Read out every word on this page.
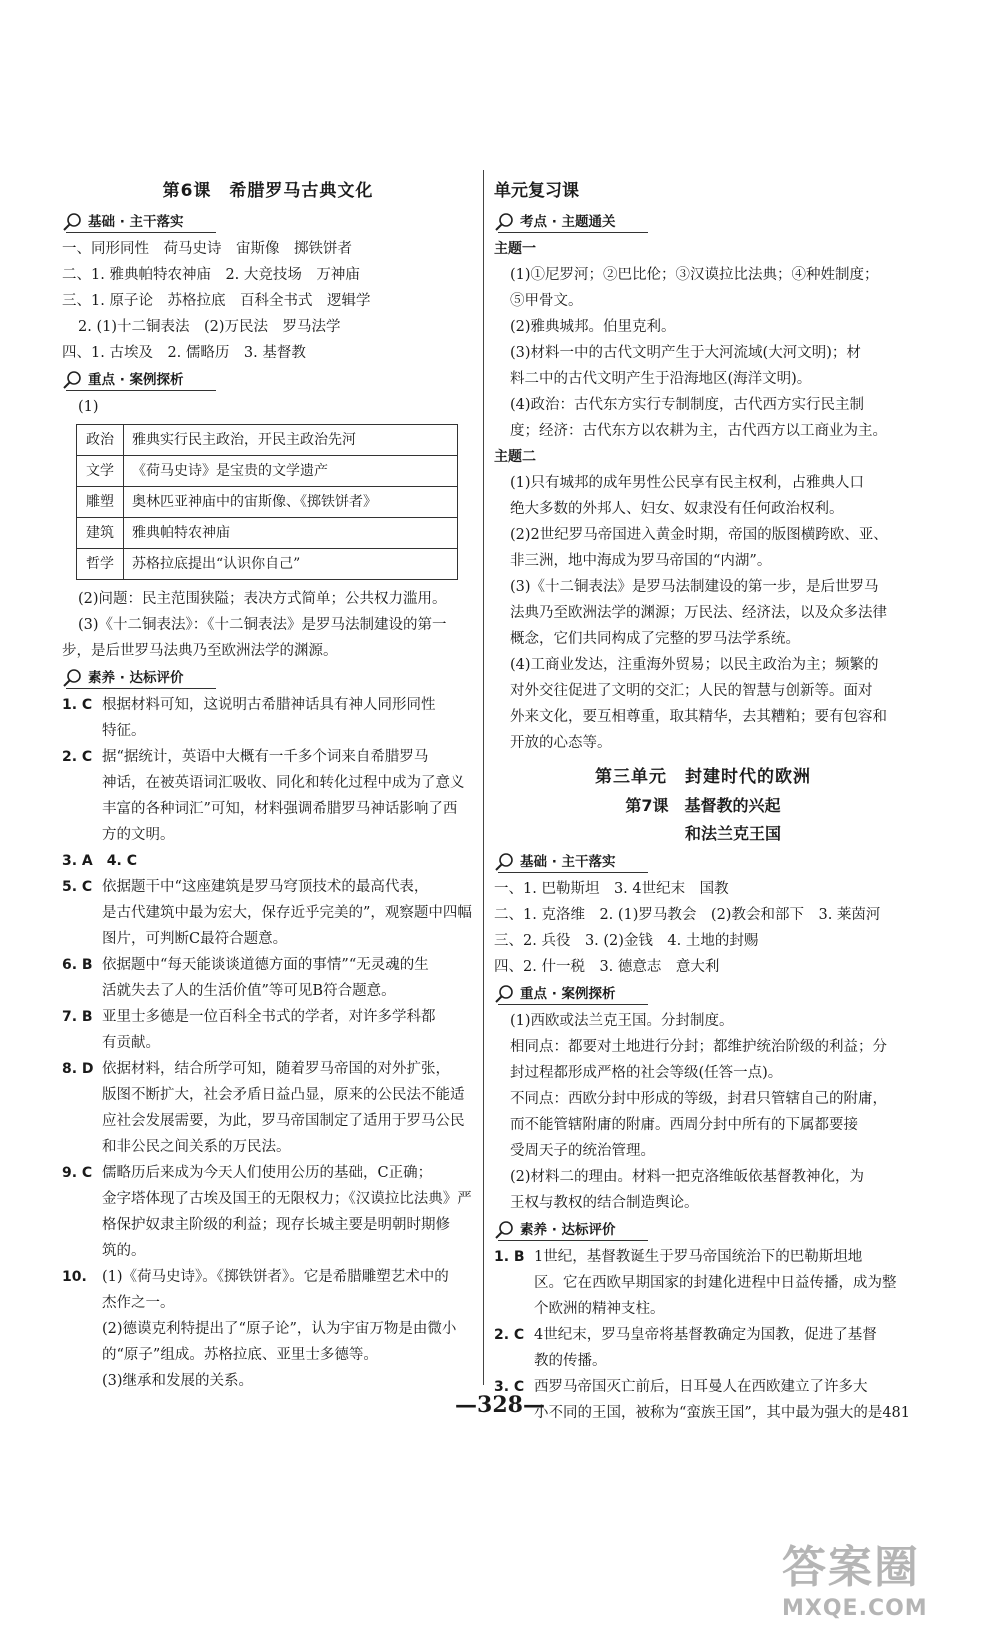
第6课　希腊罗马古典文化
基础 · 主干落实
一、同形同性　荷马史诗　宙斯像　掷铁饼者
二、1. 雅典帕特农神庙　2. 大竞技场　万神庙
三、1. 原子论　苏格拉底　百科全书式　逻辑学
2. (1)十二铜表法　(2)万民法　罗马法学
四、1. 古埃及　2. 儒略历　3. 基督教
重点 · 案例探析
(1)
政治	雅典实行民主政治，开民主政治先河
文学	《荷马史诗》是宝贵的文学遗产
雕塑	奥林匹亚神庙中的宙斯像、《掷铁饼者》
建筑	雅典帕特农神庙
哲学	苏格拉底提出“认识你自己”
(2)问题：民主范围狭隘；表决方式简单；公共权力滥用。
(3)《十二铜表法》：《十二铜表法》是罗马法制建设的第一
步，是后世罗马法典乃至欧洲法学的渊源。
素养 · 达标评价
1. C 根据材料可知，这说明古希腊神话具有神人同形同性
特征。
2. C 据“据统计，英语中大概有一千多个词来自希腊罗马
神话，在被英语词汇吸收、同化和转化过程中成为了意义
丰富的各种词汇”可知，材料强调希腊罗马神话影响了西
方的文明。
3. A　4. C
5. C 依据题干中“这座建筑是罗马穹顶技术的最高代表，
是古代建筑中最为宏大，保存近乎完美的”，观察题中四幅
图片，可判断C最符合题意。
6. B 依据题中“每天能谈谈道德方面的事情”“无灵魂的生
活就失去了人的生活价值”等可见B符合题意。
7. B 亚里士多德是一位百科全书式的学者，对许多学科都
有贡献。
8. D 依据材料，结合所学可知，随着罗马帝国的对外扩张，
版图不断扩大，社会矛盾日益凸显，原来的公民法不能适
应社会发展需要，为此，罗马帝国制定了适用于罗马公民
和非公民之间关系的万民法。
9. C 儒略历后来成为今天人们使用公历的基础，C正确；
金字塔体现了古埃及国王的无限权力；《汉谟拉比法典》严
格保护奴隶主阶级的利益；现存长城主要是明朝时期修
筑的。
10.	(1)《荷马史诗》。《掷铁饼者》。它是希腊雕塑艺术中的
杰作之一。
(2)德谟克利特提出了“原子论”，认为宇宙万物是由微小
的“原子”组成。苏格拉底、亚里士多德等。
(3)继承和发展的关系。
单元复习课
考点 · 主题通关
主题一
(1)①尼罗河；②巴比伦；③汉谟拉比法典；④种姓制度；
⑤甲骨文。
(2)雅典城邦。伯里克利。
(3)材料一中的古代文明产生于大河流域(大河文明)；材
料二中的古代文明产生于沿海地区(海洋文明)。
(4)政治：古代东方实行专制制度，古代西方实行民主制
度；经济：古代东方以农耕为主，古代西方以工商业为主。
主题二
(1)只有城邦的成年男性公民享有民主权利，占雅典人口
绝大多数的外邦人、妇女、奴隶没有任何政治权利。
(2)2世纪罗马帝国进入黄金时期，帝国的版图横跨欧、亚、
非三洲，地中海成为罗马帝国的“内湖”。
(3)《十二铜表法》是罗马法制建设的第一步，是后世罗马
法典乃至欧洲法学的渊源；万民法、经济法，以及众多法律
概念，它们共同构成了完整的罗马法学系统。
(4)工商业发达，注重海外贸易；以民主政治为主；频繁的
对外交往促进了文明的交汇；人民的智慧与创新等。面对
外来文化，要互相尊重，取其精华，去其糟粕；要有包容和
开放的心态等。
第三单元　封建时代的欧洲
第7课　基督教的兴起
和法兰克王国
基础 · 主干落实
一、1. 巴勒斯坦　3. 4世纪末　国教
二、1. 克洛维　2. (1)罗马教会　(2)教会和部下　3. 莱茵河
三、2. 兵役　3. (2)金钱　4. 土地的封赐
四、2. 什一税　3. 德意志　意大利
重点 · 案例探析
(1)西欧或法兰克王国。分封制度。
相同点：都要对土地进行分封；都维护统治阶级的利益；分
封过程都形成严格的社会等级(任答一点)。
不同点：西欧分封中形成的等级，封君只管辖自己的附庸，
而不能管辖附庸的附庸。西周分封中所有的下属都要接
受周天子的统治管理。
(2)材料二的理由。材料一把克洛维皈依基督教神化，为
王权与教权的结合制造舆论。
素养 · 达标评价
1. B 1世纪，基督教诞生于罗马帝国统治下的巴勒斯坦地
区。它在西欧早期国家的封建化进程中日益传播，成为整
个欧洲的精神支柱。
2. C 4世纪末，罗马皇帝将基督教确定为国教，促进了基督
教的传播。
3. C 西罗马帝国灭亡前后，日耳曼人在西欧建立了许多大
小不同的王国，被称为“蛮族王国”，其中最为强大的是481
—328—
答案圈
MXQE.COM
